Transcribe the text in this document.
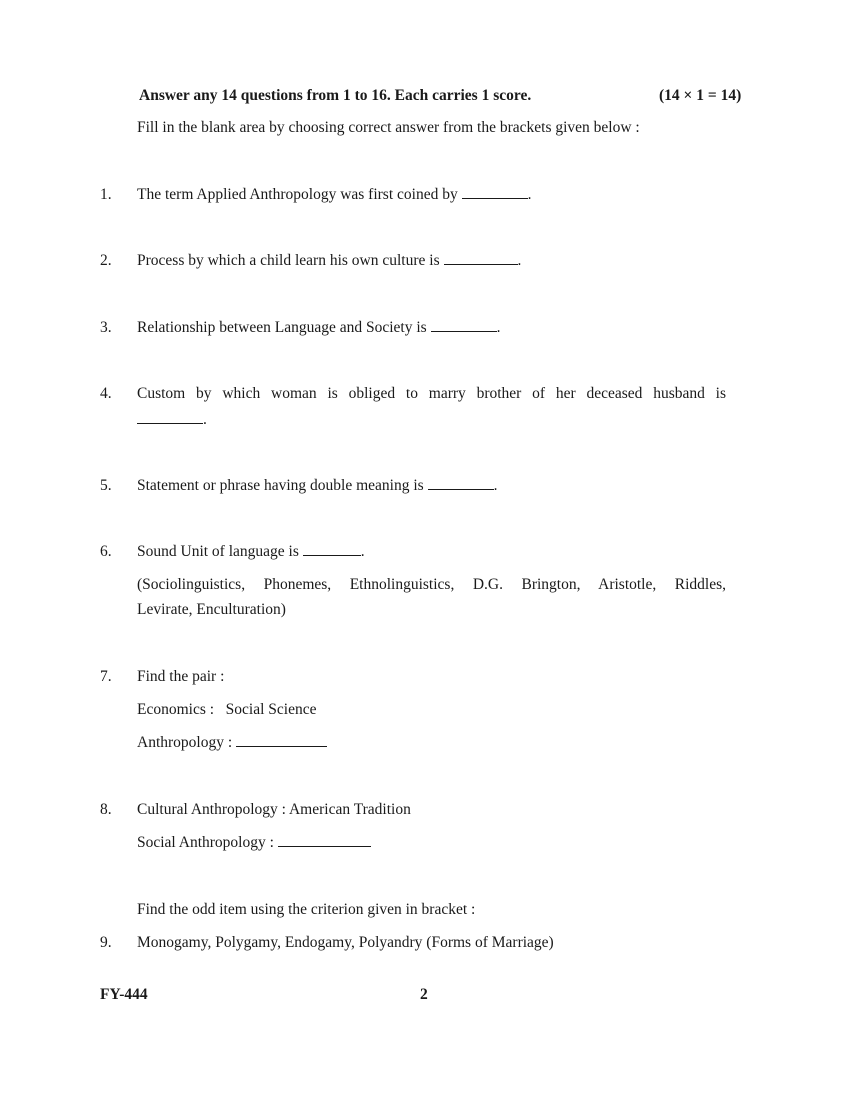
Answer any 14 questions from 1 to 16. Each carries 1 score.	(14 × 1 = 14)
Fill in the blank area by choosing correct answer from the brackets given below :
1. The term Applied Anthropology was first coined by	.
2. Process by which a child learn his own culture is	.
3. Relationship between Language and Society is	.
4. Custom by which woman is obliged to marry brother of her deceased husband is
.
5. Statement or phrase having double meaning is	.
6. Sound Unit of language is	.
(Sociolinguistics, Phonemes, Ethnolinguistics, D.G. Brington, Aristotle, Riddles,
Levirate, Enculturation)
7. Find the pair :
Economics :   Social Science
Anthropology :
8. Cultural Anthropology : American Tradition
Social Anthropology :
Find the odd item using the criterion given in bracket :
9. Monogamy, Polygamy, Endogamy, Polyandry (Forms of Marriage)
FY-444	2
